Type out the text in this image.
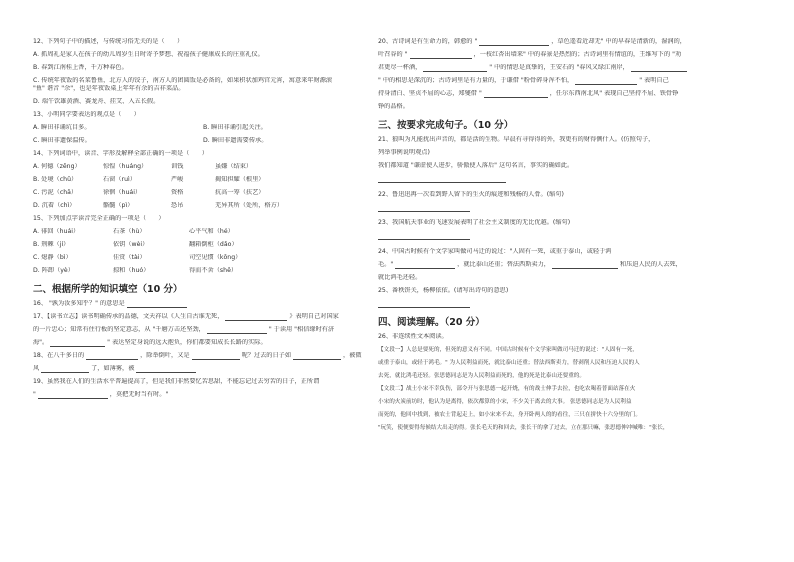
12、下列句子中的描述，与传统习俗无关的是（　　）
A. 抓周礼是家人在孩子的幼儿周岁生日时寄予梦想、祝福孩子健康成长的庄重礼仪。
B. 春到江南桂上香，千万种春色。
C. 传统年夜饭的名菜鲁鱼，北方人的饺子，南方人的团圆饭是必备的，如果积状加鸡宫元宵，寓意来年财源滚
"鱼" 谐音 "余"，也是年夜饭桌上年年有余的吉祥菜品。
D. 端午饮雄黄酒、赛龙舟、挂艾、入五长假。
13、小明同学要表达的观点是（　　）
A. 瞬田非诵坑目多。	B. 瞬田非诵引起关注。
C. 瞬田非遗保温传。	D. 瞬田非遗需要传承。
14、下列词语中，读音、字形及解释全部正确的一项是（　　）
A. 何德（zēng）	惊惶（huáng）	训钱	虽嫌（结束）
B. 处境（chǔ）	石窗（ruì）	严峻	揭知担耀（根里）
C. 污泥（chā）	徐徊（huái）	资格	抗高一筹（扶艺）
D. 沉着（chì）	骼髓（pì）	恐吊	羌异其所（处所，格方）
15、下列加点字读音完全正确的一项是（　　）
A. 徘回（huái）	石茶（hù）	心平气和（hé）
B. 荆棘（jí）	依钥（wèi）	翻箱倒柜（dǎo）
C. 熄静（bì）	佳赏（tài）	司空见惯（kōng）
D. 阵卸（yè）	掠和（huó）	得而不舍（shě）
二、根据所学的知识填空（10 分）
16、 "孰为汝多知乎？" 的意思是
17、【读书立志】读书明确传承的品德，文天祥以《人生自古谁无死，	》表明自己对国家
的一片忠心；知常有住行板的坚定意志，从 "千磨万击还坚劲，	" 于读用 "相信缘时有济
海"。	" 表达坚定身说的远大抱负，你们都要知成长长路的实际。
18、在八千多日的	，除举倒叶，又是	呢？过去的日子如	，被微
风	了，如薄雾，被
19、虽然我在人们的生活水平普遍提高了，但是我们非然要忆苦思甜，不能忘记过去穷苦的日子，正所谓
"	，莫把无时当有时。"
20、古诗词是有生命力的，韩愈的 "	，草色遥看近却无" 中的早春是清新的，湿润的，
叶召谷的 "	，一枝红杏出墙来" 中的春景是热烈的；古诗词里有情谊的，王维写下的 "劝
君更尽一杯酒，	" 中的情思是真挚的，王安石的 "春风又绿江南岸，
" 中的相思是深沉的；古诗词里是有力量的，于谦借 "粉骨碎身浑不怕，	" 表明自己
持身清白、坚贞不屈的心志，郑燮借 "	，任尔东西南北风" 表现自己坚持不屈、铁骨铮
铮的品格。
三、按要求完成句子。（10 分）
21、狼叫为凡能扰出声音的，都是活的生物。早晨有寻得得的外，我更有的财得侧什人。(仿照句子，
列举事例说明观点)
我们都知道 "谦虚使人进步，骄傲使人落后" 这句名言，事实的确如此。
22、鲁迅迅再一次看到野人留下的生火的痕迹和残杨的人骨。(缩句)
23、我国航天事业的飞速发展表明了社会主义制度的无比优越。(缩句)
24、中国古时候有个文学家叫做司马迁的说过："人固有一死，或重于泰山，或轻于鸿
毛。"	，就比泰山还重；替法西斯卖力，	和压迫人民的人去死，
就比鸿毛还轻。
25、番秩饼关，杨柳依依。(请写出诗句的意思)
四、阅读理解。（20 分）
26、非连续性文本阅读。
【文段一】人总是要死的，但死的意义有不同。中国古时候有个文学家叫做司马迁的说过："人固有一死，
或重于泰山，或轻于鸿毛。" 为人民利益而死，就比泰山还重；替法西斯卖力，替剥削人民和压迫人民的人
去死，就比鸿毛还轻。张思德同志是为人民利益而死的，他的死是比泰山还要重的。
【文段二】战士小宋不幸负伤，部令开与张思德一起开烧，有的战士伸手去拉，也吃农喝着普面站落在火
小宋的火炭前坊时，他认为是离得，依次都算的小宋，不少关于离去的大事。 张思德同志是为人民利益
而死的，他回中找到，被农士背起走上，如小宋来不去，身开卧两人的的看往，三只在拼快十六分里的门。
"玩笑，使便要得每候结大出走的得。张长毛天的和回去，张长干的拿了过去，立在那只嘛，张思德伸冲喊唯："张长，
